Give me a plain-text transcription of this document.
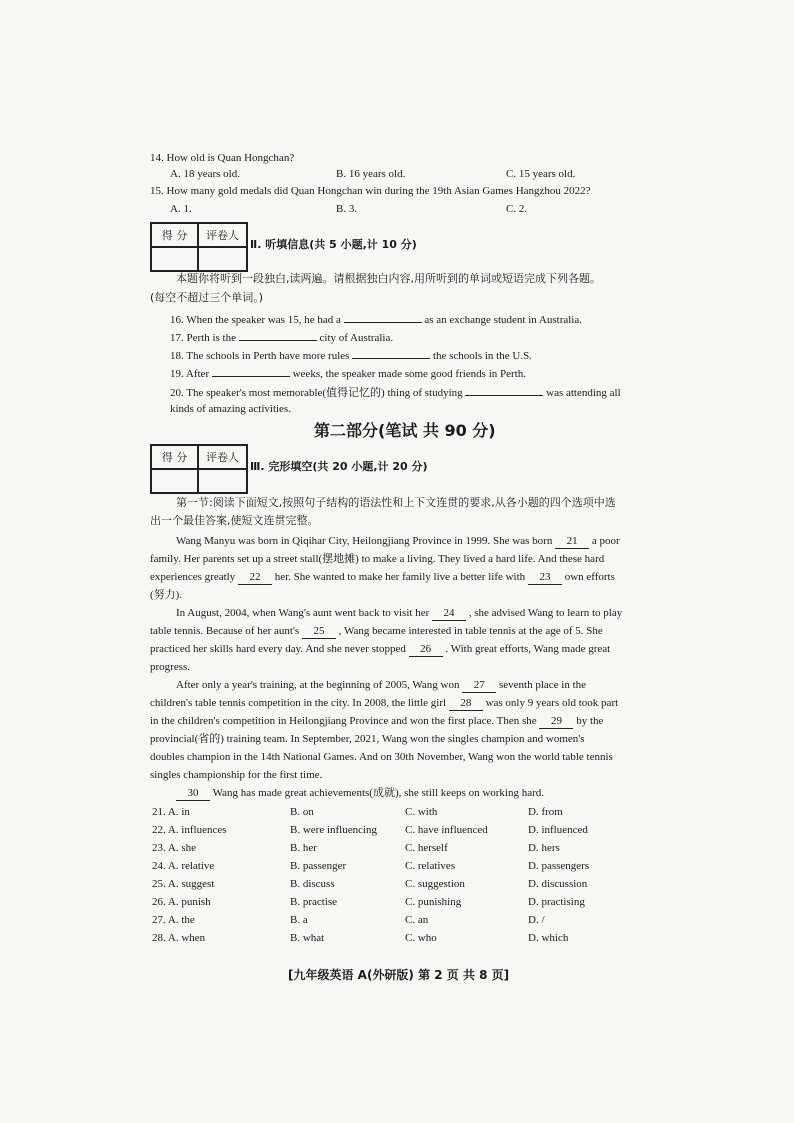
14. How old is Quan Hongchan?
A. 18 years old.	B. 16 years old.	C. 15 years old.
15. How many gold medals did Quan Hongchan win during the 19th Asian Games Hangzhou 2022?
A. 1.	B. 3.	C. 2.
得 分	评卷人
Ⅱ. 听填信息(共 5 小题,计 10 分)
本题你将听到一段独白,读两遍。请根据独白内容,用所听到的单词或短语完成下列各题。
(每空不超过三个单词。)
16. When the speaker was 15, he had a	as an exchange student in Australia.
17. Perth is the	city of Australia.
18. The schools in Perth have more rules	the schools in the U.S.
19. After	weeks, the speaker made some good friends in Perth.
20. The speaker's most memorable(值得记忆的) thing of studying	was attending all
kinds of amazing activities.
第二部分(笔试 共 90 分)
得 分	评卷人
Ⅲ. 完形填空(共 20 小题,计 20 分)
第一节:阅读下面短文,按照句子结构的语法性和上下文连贯的要求,从各小题的四个选项中选
出一个最佳答案,使短文连贯完整。
Wang Manyu was born in Qiqihar City, Heilongjiang Province in 1999. She was born 21 a poor
family. Her parents set up a street stall(摆地摊) to make a living. They lived a hard life. And these hard
experiences greatly 22 her. She wanted to make her family live a better life with 23 own efforts
(努力).
In August, 2004, when Wang's aunt went back to visit her 24 , she advised Wang to learn to play
table tennis. Because of her aunt's 25 , Wang became interested in table tennis at the age of 5. She
practiced her skills hard every day. And she never stopped 26 . With great efforts, Wang made great
progress.
After only a year's training, at the beginning of 2005, Wang won 27 seventh place in the
children's table tennis competition in the city. In 2008, the little girl 28 was only 9 years old took part
in the children's competition in Heilongjiang Province and won the first place. Then she 29 by the
provincial(省的) training team. In September, 2021, Wang won the singles champion and women's
doubles champion in the 14th National Games. And on 30th November, Wang won the world table tennis
singles championship for the first time.
30 Wang has made great achievements(成就), she still keeps on working hard.
21. A. in	B. on	C. with	D. from
22. A. influences	B. were influencing	C. have influenced	D. influenced
23. A. she	B. her	C. herself	D. hers
24. A. relative	B. passenger	C. relatives	D. passengers
25. A. suggest	B. discuss	C. suggestion	D. discussion
26. A. punish	B. practise	C. punishing	D. practising
27. A. the	B. a	C. an	D. /
28. A. when	B. what	C. who	D. which
[九年级英语 A(外研版) 第 2 页 共 8 页]
